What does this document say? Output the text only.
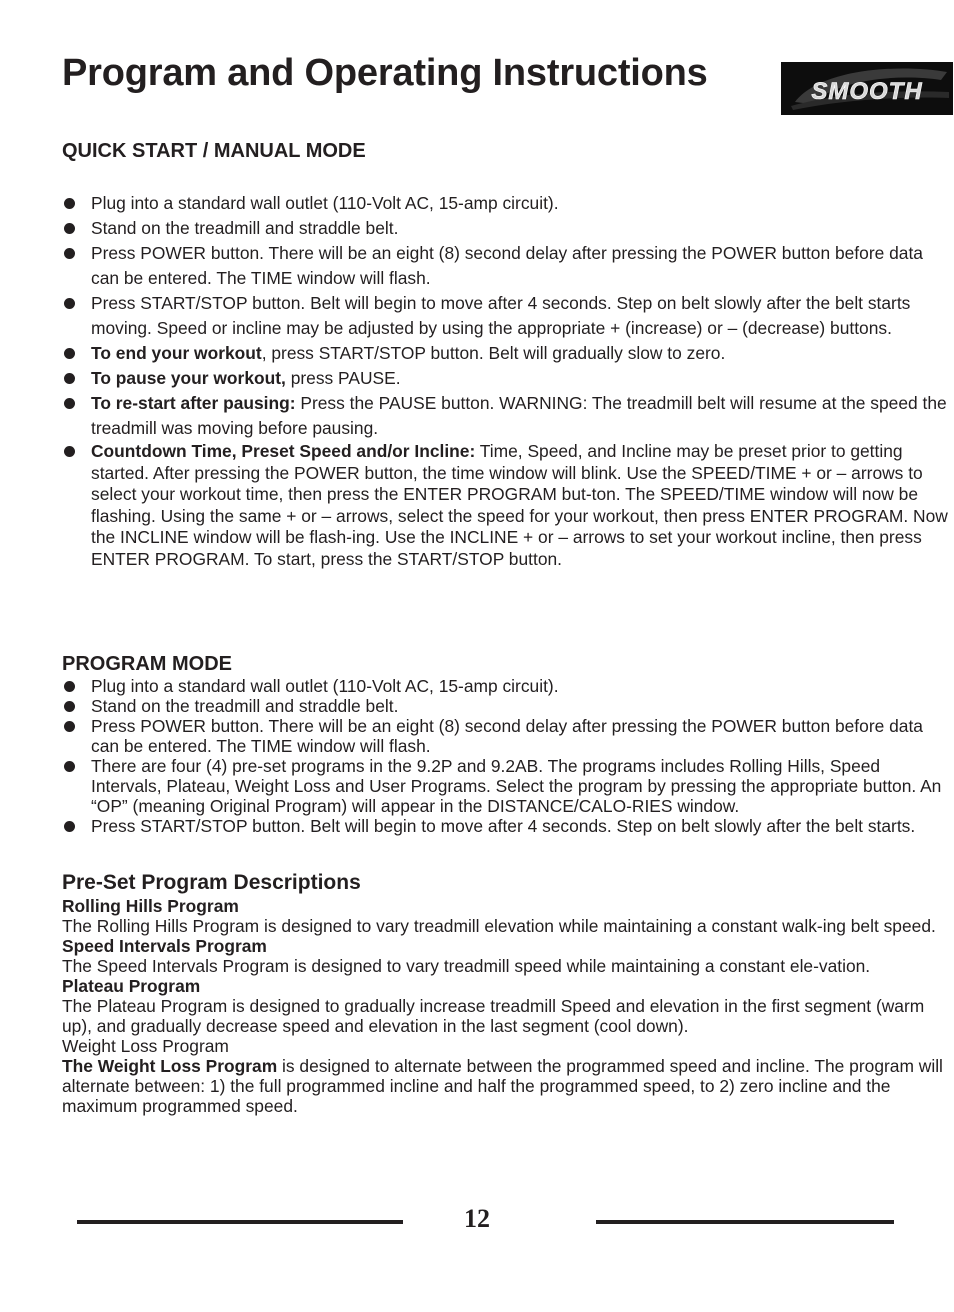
Program and Operating Instructions	SMOOTH
QUICK START / MANUAL MODE
Plug into a standard wall outlet (110-Volt AC, 15-amp circuit).
Stand on the treadmill and straddle belt.
Press POWER button. There will be an eight (8) second delay after pressing the POWER button before data can be entered. The TIME window will flash.
Press START/STOP button. Belt will begin to move after 4 seconds. Step on belt slowly after the belt starts moving. Speed or incline may be adjusted by using the appropriate + (increase) or – (decrease) buttons.
To end your workout, press START/STOP button. Belt will gradually slow to zero.
To pause your workout, press PAUSE.
To re-start after pausing: Press the PAUSE button. WARNING: The treadmill belt will resume at the speed the treadmill was moving before pausing.
Countdown Time, Preset Speed and/or Incline: Time, Speed, and Incline may be preset prior to getting started. After pressing the POWER button, the time window will blink. Use the SPEED/TIME + or – arrows to select your workout time, then press the ENTER PROGRAM but-ton. The SPEED/TIME window will now be flashing. Using the same + or – arrows, select the speed for your workout, then press ENTER PROGRAM. Now the INCLINE window will be flash-ing. Use the INCLINE + or – arrows to set your workout incline, then press ENTER PROGRAM. To start, press the START/STOP button.
PROGRAM MODE
Plug into a standard wall outlet (110-Volt AC, 15-amp circuit).
Stand on the treadmill and straddle belt.
Press POWER button. There will be an eight (8) second delay after pressing the POWER button before data can be entered. The TIME window will flash.
There are four (4) pre-set programs in the 9.2P and 9.2AB. The programs includes Rolling Hills, Speed Intervals, Plateau, Weight Loss and User Programs. Select the program by pressing the appropriate button. An “OP” (meaning Original Program) will appear in the DISTANCE/CALO-RIES window.
Press START/STOP button. Belt will begin to move after 4 seconds. Step on belt slowly after the belt starts.
Pre-Set Program Descriptions
Rolling Hills Program

The Rolling Hills Program is designed to vary treadmill elevation while maintaining a constant walk-ing belt speed.

Speed Intervals Program

The Speed Intervals Program is designed to vary treadmill speed while maintaining a constant ele-vation.

Plateau Program

The Plateau Program is designed to gradually increase treadmill Speed and elevation in the first segment (warm up), and gradually decrease speed and elevation in the last segment (cool down).

Weight Loss Program

The Weight Loss Program is designed to alternate between the programmed speed and incline. The program will alternate between: 1) the full programmed incline and half the programmed speed, to 2) zero incline and the maximum programmed speed.

12
